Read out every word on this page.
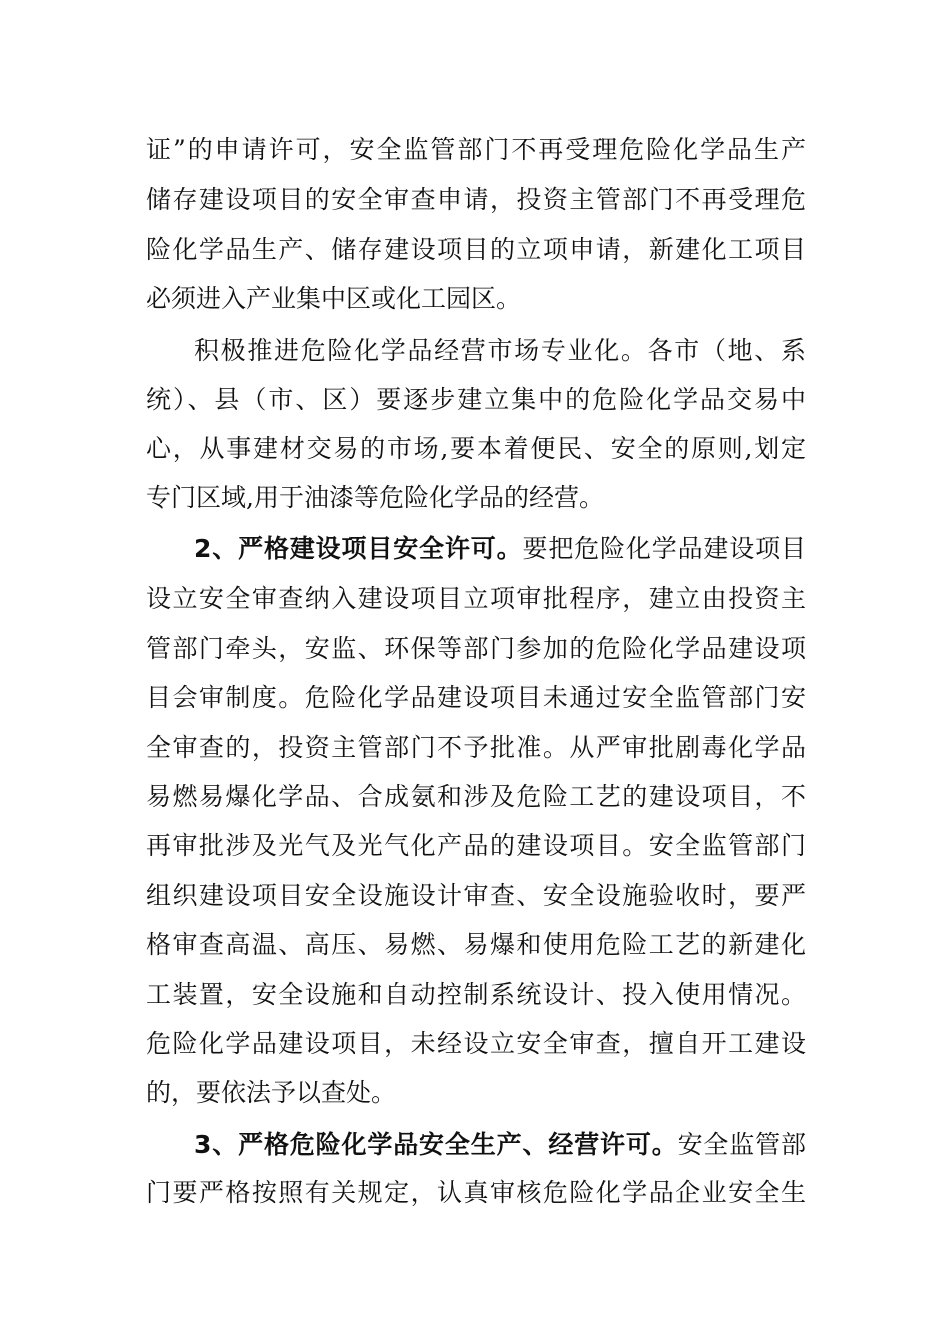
证”的申请许可，安全监管部门不再受理危险化学品生产
储存建设项目的安全审查申请，投资主管部门不再受理危
险化学品生产、储存建设项目的立项申请，新建化工项目
必须进入产业集中区或化工园区。
积极推进危险化学品经营市场专业化。各市（地、系
统）、县（市、区）要逐步建立集中的危险化学品交易中
心，从事建材交易的市场,要本着便民、安全的原则,划定
专门区域,用于油漆等危险化学品的经营。
2、严格建设项目安全许可。要把危险化学品建设项目
设立安全审查纳入建设项目立项审批程序，建立由投资主
管部门牵头，安监、环保等部门参加的危险化学品建设项
目会审制度。危险化学品建设项目未通过安全监管部门安
全审查的，投资主管部门不予批准。从严审批剧毒化学品
易燃易爆化学品、合成氨和涉及危险工艺的建设项目，不
再审批涉及光气及光气化产品的建设项目。安全监管部门
组织建设项目安全设施设计审查、安全设施验收时，要严
格审查高温、高压、易燃、易爆和使用危险工艺的新建化
工装置，安全设施和自动控制系统设计、投入使用情况。
危险化学品建设项目，未经设立安全审查，擅自开工建设
的，要依法予以查处。
3、严格危险化学品安全生产、经营许可。安全监管部
门要严格按照有关规定，认真审核危险化学品企业安全生
